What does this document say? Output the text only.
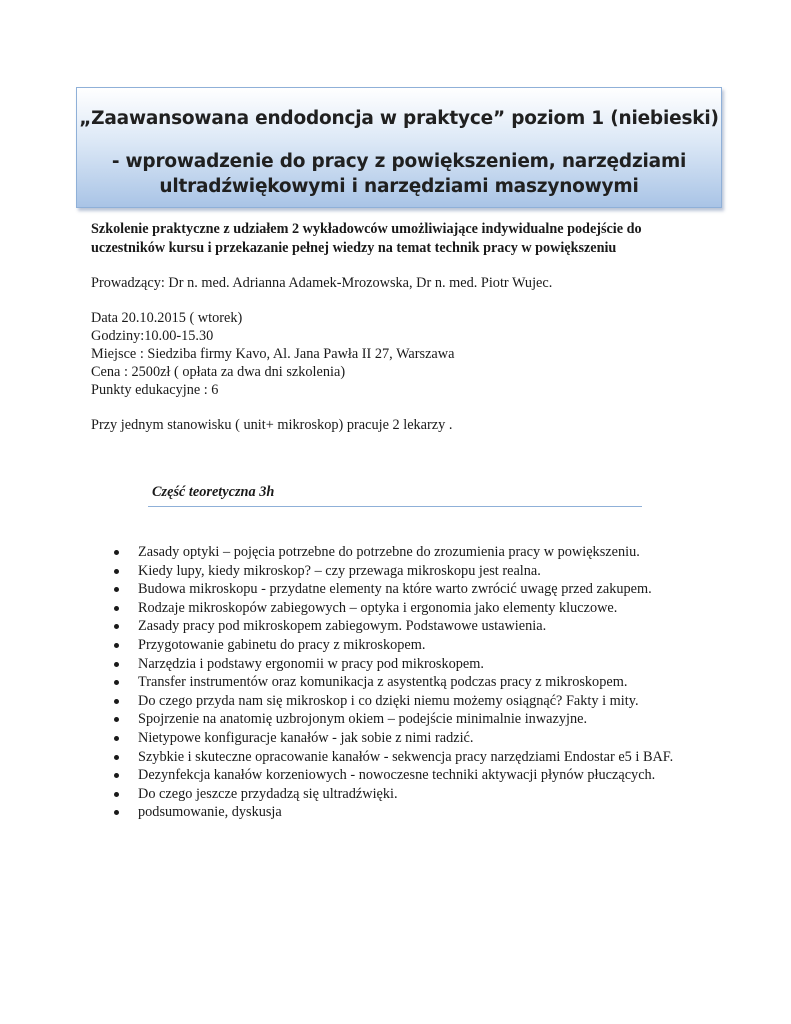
„Zaawansowana endodoncja w praktyce” poziom 1 (niebieski)
- wprowadzenie do pracy z powiększeniem, narzędziami ultradźwiękowymi i narzędziami maszynowymi
Szkolenie praktyczne z udziałem 2 wykładowców umożliwiające indywidualne podejście do uczestników kursu i przekazanie pełnej wiedzy na temat technik pracy w powiększeniu
Prowadzący: Dr n. med. Adrianna Adamek-Mrozowska, Dr n. med. Piotr Wujec.
Data 20.10.2015 ( wtorek)
Godziny:10.00-15.30
Miejsce : Siedziba firmy Kavo, Al. Jana Pawła II 27, Warszawa
Cena : 2500zł ( opłata za dwa dni szkolenia)
Punkty edukacyjne : 6
Przy jednym stanowisku ( unit+ mikroskop) pracuje 2 lekarzy .
Część teoretyczna 3h
Zasady optyki – pojęcia potrzebne do potrzebne do zrozumienia pracy w powiększeniu.
Kiedy lupy, kiedy mikroskop? – czy przewaga mikroskopu jest realna.
Budowa mikroskopu - przydatne elementy na które warto zwrócić uwagę przed zakupem.
Rodzaje mikroskopów zabiegowych – optyka i ergonomia jako elementy kluczowe.
Zasady pracy pod mikroskopem zabiegowym. Podstawowe ustawienia.
Przygotowanie gabinetu do pracy z mikroskopem.
Narzędzia i podstawy ergonomii w pracy pod mikroskopem.
Transfer instrumentów oraz komunikacja z asystentką podczas pracy z mikroskopem.
Do czego przyda nam się mikroskop i co dzięki niemu możemy osiągnąć? Fakty i mity.
Spojrzenie na anatomię uzbrojonym okiem – podejście minimalnie inwazyjne.
Nietypowe konfiguracje kanałów - jak sobie z nimi radzić.
Szybkie i skuteczne opracowanie kanałów - sekwencja pracy narzędziami Endostar e5 i BAF.
Dezynfekcja kanałów korzeniowych - nowoczesne techniki aktywacji płynów płuczących.
Do czego jeszcze przydadzą się ultradźwięki.
podsumowanie, dyskusja
